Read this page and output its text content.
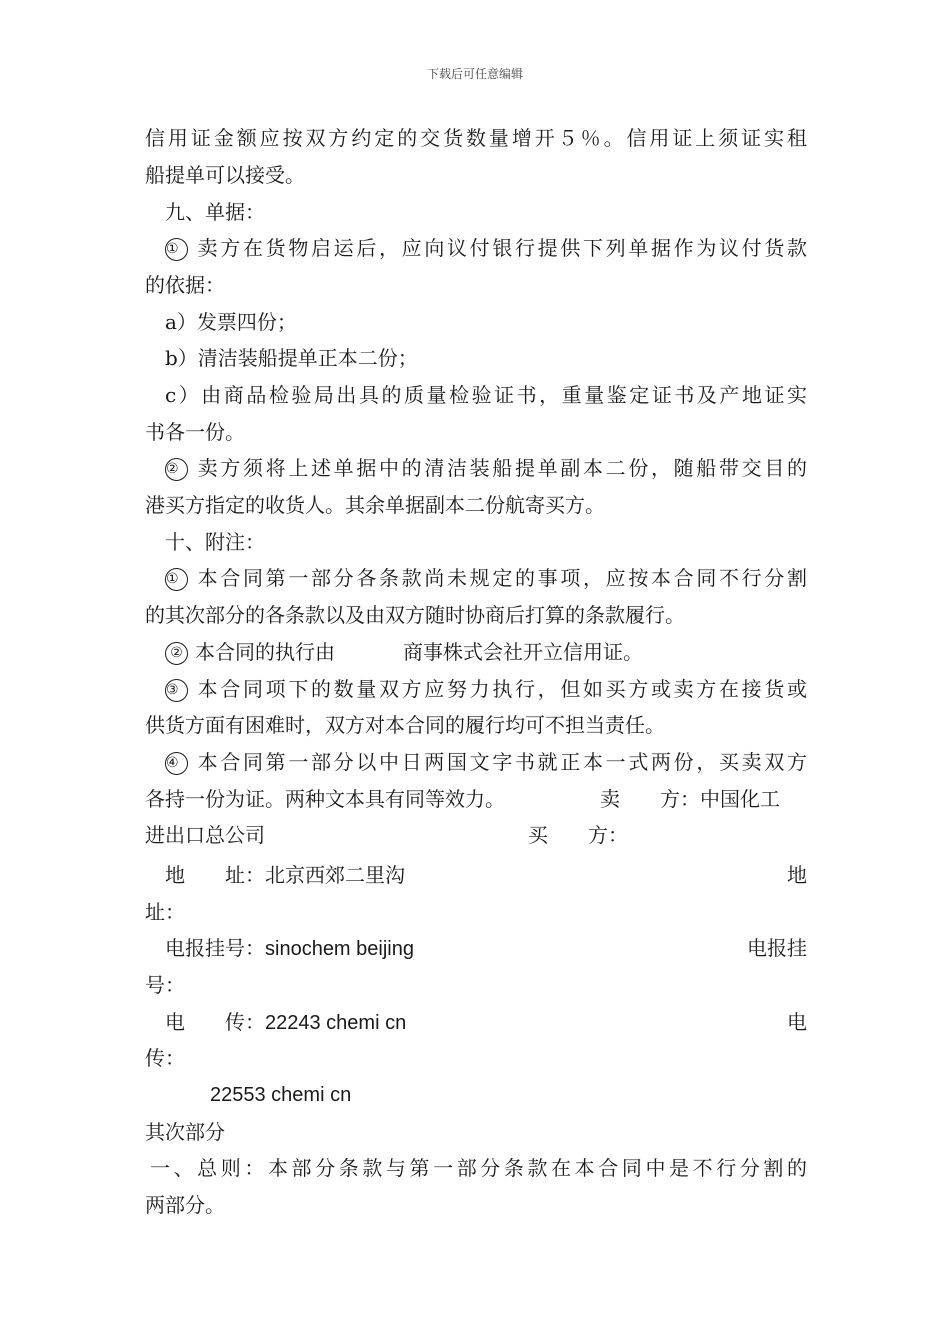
下载后可任意编辑
信用证金额应按双方约定的交货数量增开５％。信用证上须证实租
船提单可以接受。
九、单据：
① 卖方在货物启运后，应向议付银行提供下列单据作为议付货款
的依据：
a）发票四份；
b）清洁装船提单正本二份；
c）由商品检验局出具的质量检验证书，重量鉴定证书及产地证实
书各一份。
② 卖方须将上述单据中的清洁装船提单副本二份，随船带交目的
港买方指定的收货人。其余单据副本二份航寄买方。
十、附注：
① 本合同第一部分各条款尚未规定的事项，应按本合同不行分割
的其次部分的各条款以及由双方随时协商后打算的条款履行。
② 本合同的执行由	商事株式会社开立信用证。
③ 本合同项下的数量双方应努力执行，但如买方或卖方在接货或
供货方面有困难时，双方对本合同的履行均可不担当责任。
④ 本合同第一部分以中日两国文字书就正本一式两份，买卖双方
各持一份为证。两种文本具有同等效力。	卖　　方：中国化工
进出口总公司	买　　方：
地　　址：北京西郊二里沟	地
址：
电报挂号：sinochem beijing	电报挂
号：
电　　传：22243 chemi cn	电
传：
22553 chemi cn
其次部分
一、总则：本部分条款与第一部分条款在本合同中是不行分割的
两部分。
